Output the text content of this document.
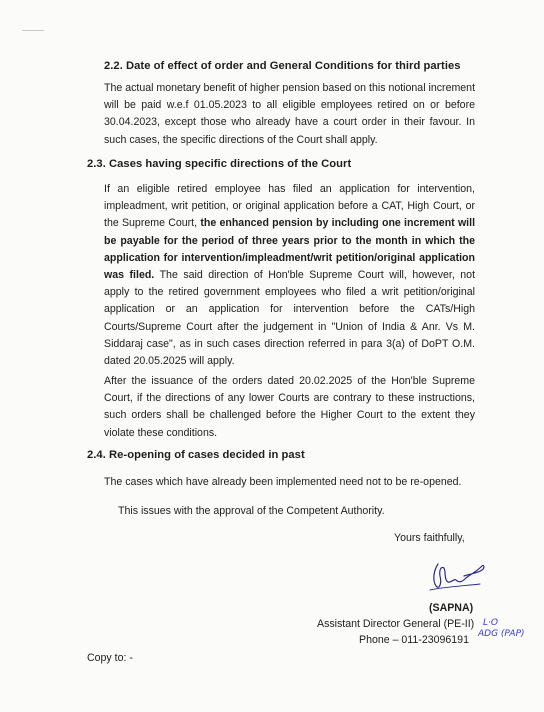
2.2. Date of effect of order and General Conditions for third parties

The actual monetary benefit of higher pension based on this notional increment will be paid w.e.f 01.05.2023 to all eligible employees retired on or before 30.04.2023, except those who already have a court order in their favour. In such cases, the specific directions of the Court shall apply.

2.3. Cases having specific directions of the Court

If an eligible retired employee has filed an application for intervention, impleadment, writ petition, or original application before a CAT, High Court, or the Supreme Court, the enhanced pension by including one increment will be payable for the period of three years prior to the month in which the application for intervention/impleadment/writ petition/original application was filed. The said direction of Hon'ble Supreme Court will, however, not apply to the retired government employees who filed a writ petition/original application or an application for intervention before the CATs/High Courts/Supreme Court after the judgement in "Union of India & Anr. Vs M. Siddaraj case", as in such cases direction referred in para 3(a) of DoPT O.M. dated 20.05.2025 will apply.

After the issuance of the orders dated 20.02.2025 of the Hon'ble Supreme Court, if the directions of any lower Courts are contrary to these instructions, such orders shall be challenged before the Higher Court to the extent they violate these conditions.

2.4. Re-opening of cases decided in past

The cases which have already been implemented need not to be re-opened.

This issues with the approval of the Competent Authority.

Yours faithfully,

(SAPNA)

Assistant Director General (PE-II)

Phone – 011-23096191

L·O
ADG (PAP)

Copy to: -
